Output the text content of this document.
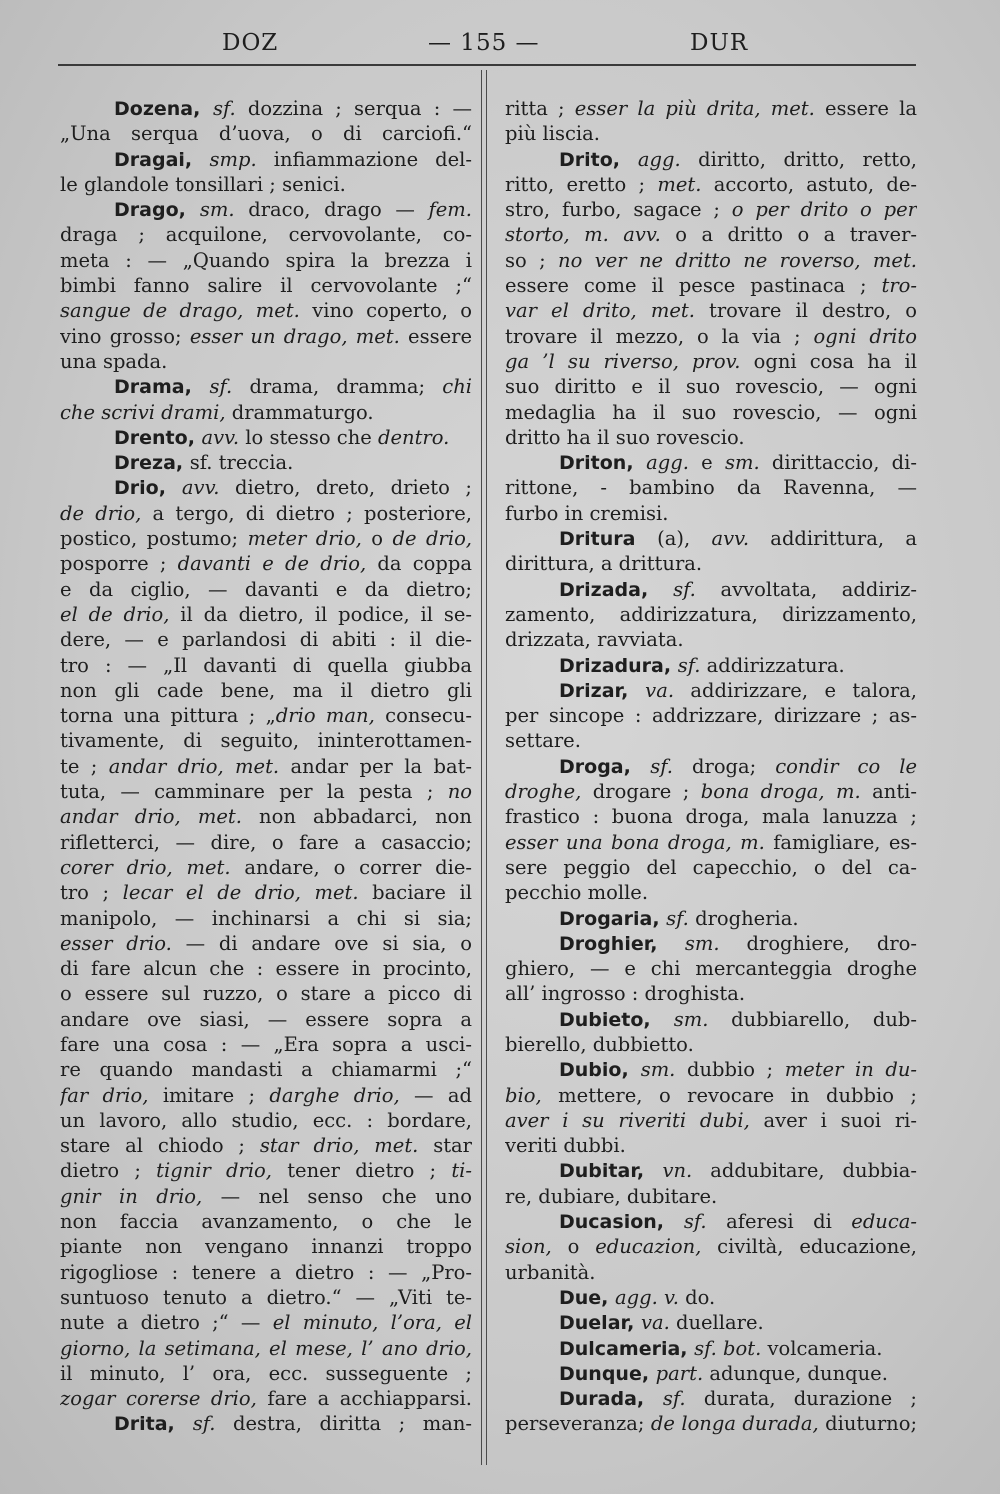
DOZ	— 155 —	DUR
Dozena, sf. dozzina ; serqua : —
„Una serqua d’uova, o di carciofi.“
Dragai, smp. infiammazione del-
le glandole tonsillari ; senici.
Drago, sm. draco, drago — fem.
draga ; acquilone, cervovolante, co-
meta : — „Quando spira la brezza i
bimbi fanno salire il cervovolante ;“
sangue de drago, met. vino coperto, o
vino grosso; esser un drago, met. essere
una spada.
Drama, sf. drama, dramma; chi
che scrivi drami, drammaturgo.
Drento, avv. lo stesso che dentro.
Dreza, sf. treccia.
Drio, avv. dietro, dreto, drieto ;
de drio, a tergo, di dietro ; posteriore,
postico, postumo; meter drio, o de drio,
posporre ; davanti e de drio, da coppa
e da ciglio, — davanti e da dietro;
el de drio, il da dietro, il podice, il se-
dere, — e parlandosi di abiti : il die-
tro : — „Il davanti di quella giubba
non gli cade bene, ma il dietro gli
torna una pittura ; „drio man, consecu-
tivamente, di seguito, ininterottamen-
te ; andar drio, met. andar per la bat-
tuta, — camminare per la pesta ; no
andar drio, met. non abbadarci, non
rifletterci, — dire, o fare a casaccio;
corer drio, met. andare, o correr die-
tro ; lecar el de drio, met. baciare il
manipolo, — inchinarsi a chi si sia;
esser drio. — di andare ove si sia, o
di fare alcun che : essere in procinto,
o essere sul ruzzo, o stare a picco di
andare ove siasi, — essere sopra a
fare una cosa : — „Era sopra a usci-
re quando mandasti a chiamarmi ;“
far drio, imitare ; darghe drio, — ad
un lavoro, allo studio, ecc. : bordare,
stare al chiodo ; star drio, met. star
dietro ; tignir drio, tener dietro ; ti-
gnir in drio, — nel senso che uno
non faccia avanzamento, o che le
piante non vengano innanzi troppo
rigogliose : tenere a dietro : — „Pro-
suntuoso tenuto a dietro.“ — „Viti te-
nute a dietro ;“ — el minuto, l’ora, el
giorno, la setimana, el mese, l’ ano drio,
il minuto, l’ ora, ecc. susseguente ;
zogar corerse drio, fare a acchiapparsi.
Drita, sf. destra, diritta ; man-
ritta ; esser la più drita, met. essere la
più liscia.
Drito, agg. diritto, dritto, retto,
ritto, eretto ; met. accorto, astuto, de-
stro, furbo, sagace ; o per drito o per
storto, m. avv. o a dritto o a traver-
so ; no ver ne dritto ne roverso, met.
essere come il pesce pastinaca ; tro-
var el drito, met. trovare il destro, o
trovare il mezzo, o la via ; ogni drito
ga ’l su riverso, prov. ogni cosa ha il
suo diritto e il suo rovescio, — ogni
medaglia ha il suo rovescio, — ogni
dritto ha il suo rovescio.
Driton, agg. e sm. dirittaccio, di-
rittone, - bambino da Ravenna, —
furbo in cremisi.
Dritura (a), avv. addirittura, a
dirittura, a drittura.
Drizada, sf. avvoltata, addiriz-
zamento, addirizzatura, dirizzamento,
drizzata, ravviata.
Drizadura, sf. addirizzatura.
Drizar, va. addirizzare, e talora,
per sincope : addrizzare, dirizzare ; as-
settare.
Droga, sf. droga; condir co le
droghe, drogare ; bona droga, m. anti-
frastico : buona droga, mala lanuzza ;
esser una bona droga, m. famigliare, es-
sere peggio del capecchio, o del ca-
pecchio molle.
Drogaria, sf. drogheria.
Droghier, sm. droghiere, dro-
ghiero, — e chi mercanteggia droghe
all’ ingrosso : droghista.
Dubieto, sm. dubbiarello, dub-
bierello, dubbietto.
Dubio, sm. dubbio ; meter in du-
bio, mettere, o revocare in dubbio ;
aver i su riveriti dubi, aver i suoi ri-
veriti dubbi.
Dubitar, vn. addubitare, dubbia-
re, dubiare, dubitare.
Ducasion, sf. aferesi di educa-
sion, o educazion, civiltà, educazione,
urbanità.
Due, agg. v. do.
Duelar, va. duellare.
Dulcameria, sf. bot. volcameria.
Dunque, part. adunque, dunque.
Durada, sf. durata, durazione ;
perseveranza; de longa durada, diuturno;
